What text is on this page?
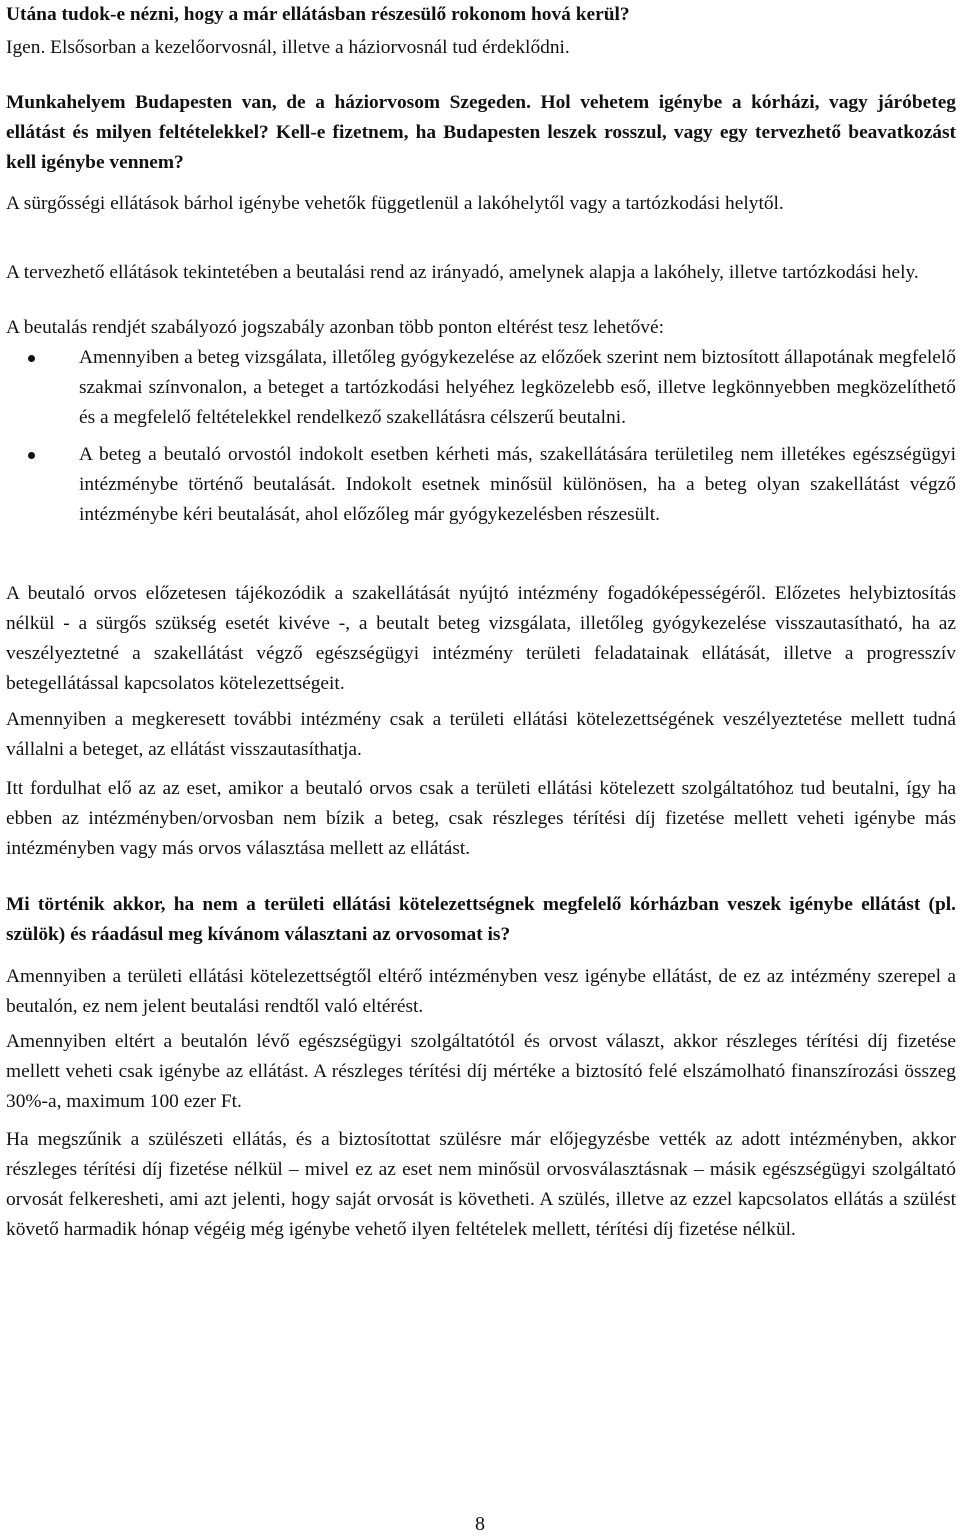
Utána tudok-e nézni, hogy a már ellátásban részesülő rokonom hová kerül?

Igen. Elsősorban a kezelőorvosnál, illetve a háziorvosnál tud érdeklődni.

Munkahelyem Budapesten van, de a háziorvosom Szegeden. Hol vehetem igénybe a kórházi, vagy járóbeteg ellátást és milyen feltételekkel? Kell-e fizetnem, ha Budapesten leszek rosszul, vagy egy tervezhető beavatkozást kell igénybe vennem?

A sürgősségi ellátások bárhol igénybe vehetők függetlenül a lakóhelytől vagy a tartózkodási helytől.

A tervezhető ellátások tekintetében a beutalási rend az irányadó, amelynek alapja a lakóhely, illetve tartózkodási hely.

A beutalás rendjét szabályozó jogszabály azonban több ponton eltérést tesz lehetővé:

Amennyiben a beteg vizsgálata, illetőleg gyógykezelése az előzőek szerint nem biztosított állapotának megfelelő szakmai színvonalon, a beteget a tartózkodási helyéhez legközelebb eső, illetve legkönnyebben megközelíthető és a megfelelő feltételekkel rendelkező szakellátásra célszerű beutalni.
A beteg a beutaló orvostól indokolt esetben kérheti más, szakellátására területileg nem illetékes egészségügyi intézménybe történő beutalását. Indokolt esetnek minősül különösen, ha a beteg olyan szakellátást végző intézménybe kéri beutalását, ahol előzőleg már gyógykezelésben részesült.

A beutaló orvos előzetesen tájékozódik a szakellátását nyújtó intézmény fogadóképességéről. Előzetes helybiztosítás nélkül - a sürgős szükség esetét kivéve -, a beutalt beteg vizsgálata, illetőleg gyógykezelése visszautasítható, ha az veszélyeztetné a szakellátást végző egészségügyi intézmény területi feladatainak ellátását, illetve a progresszív betegellátással kapcsolatos kötelezettségeit.

Amennyiben a megkeresett további intézmény csak a területi ellátási kötelezettségének veszélyeztetése mellett tudná vállalni a beteget, az ellátást visszautasíthatja.

Itt fordulhat elő az az eset, amikor a beutaló orvos csak a területi ellátási kötelezett szolgáltatóhoz tud beutalni, így ha ebben az intézményben/orvosban nem bízik a beteg, csak részleges térítési díj fizetése mellett veheti igénybe más intézményben vagy más orvos választása mellett az ellátást.

Mi történik akkor, ha nem a területi ellátási kötelezettségnek megfelelő kórházban veszek igénybe ellátást (pl. szülök) és ráadásul meg kívánom választani az orvosomat is?

Amennyiben a területi ellátási kötelezettségtől eltérő intézményben vesz igénybe ellátást, de ez az intézmény szerepel a beutalón, ez nem jelent beutalási rendtől való eltérést.

Amennyiben eltért a beutalón lévő egészségügyi szolgáltatótól és orvost választ, akkor részleges térítési díj fizetése mellett veheti csak igénybe az ellátást. A részleges térítési díj mértéke a biztosító felé elszámolható finanszírozási összeg 30%-a, maximum 100 ezer Ft.

Ha megszűnik a szülészeti ellátás, és a biztosítottat szülésre már előjegyzésbe vették az adott intézményben, akkor részleges térítési díj fizetése nélkül – mivel ez az eset nem minősül orvosválasztásnak – másik egészségügyi szolgáltató orvosát felkeresheti, ami azt jelenti, hogy saját orvosát is követheti. A szülés, illetve az ezzel kapcsolatos ellátás a szülést követő harmadik hónap végéig még igénybe vehető ilyen feltételek mellett, térítési díj fizetése nélkül.

8
